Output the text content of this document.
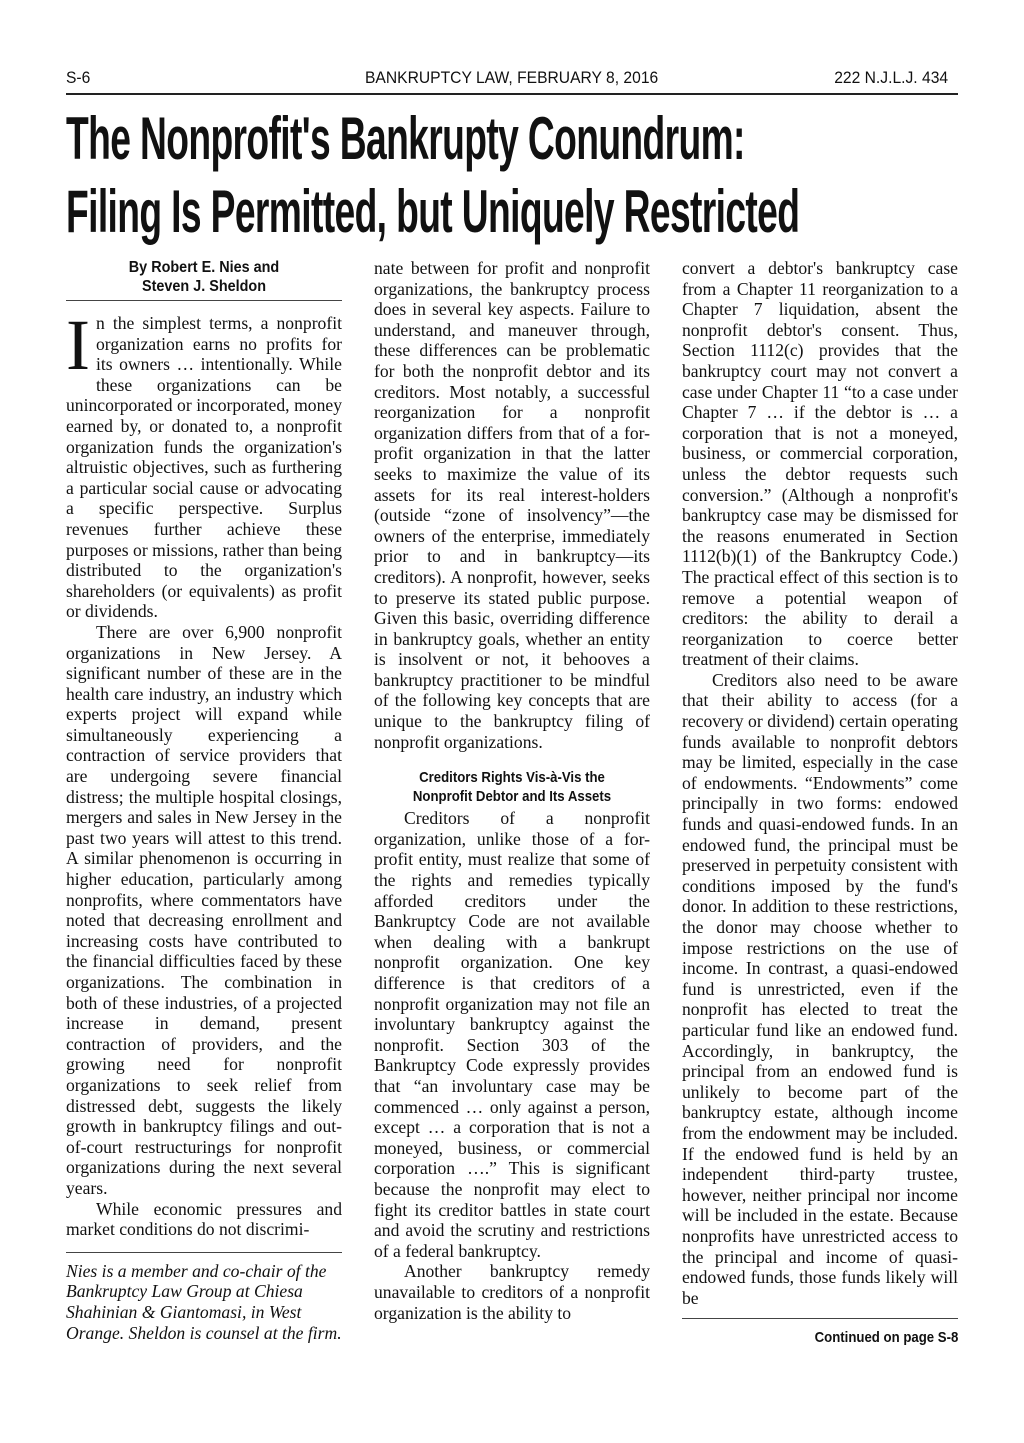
S-6	BANKRUPTCY LAW, FEBRUARY 8, 2016	222 N.J.L.J. 434
The Nonprofit's Bankrupty Conundrum:
Filing Is Permitted, but Uniquely Restricted
By Robert E. Nies and
Steven J. Sheldon

In the simplest terms, a nonprofit organization earns no profits for its owners … intentionally. While these organizations can be unincorporated or incorporated, money earned by, or donated to, a nonprofit organization funds the organization's altruistic objectives, such as furthering a particular social cause or advocating a specific perspective. Surplus revenues further achieve these purposes or missions, rather than being distributed to the organization's shareholders (or equivalents) as profit or dividends.

There are over 6,900 nonprofit organizations in New Jersey. A significant number of these are in the health care industry, an industry which experts project will expand while simultaneously experiencing a contraction of service providers that are undergoing severe financial distress; the multiple hospital closings, mergers and sales in New Jersey in the past two years will attest to this trend. A similar phenomenon is occurring in higher education, particularly among nonprofits, where commentators have noted that decreasing enrollment and increasing costs have contributed to the financial difficulties faced by these organizations. The combination in both of these industries, of a projected increase in demand, present contraction of providers, and the growing need for nonprofit organizations to seek relief from distressed debt, suggests the likely growth in bankruptcy filings and out-of-court restructurings for nonprofit organizations during the next several years.

While economic pressures and market conditions do not discrimi-

Nies is a member and co-chair of the Bankruptcy Law Group at Chiesa Shahinian & Giantomasi, in West Orange. Sheldon is counsel at the firm.

nate between for profit and nonprofit organizations, the bankruptcy process does in several key aspects. Failure to understand, and maneuver through, these differences can be problematic for both the nonprofit debtor and its creditors. Most notably, a successful reorganization for a nonprofit organization differs from that of a for-profit organization in that the latter seeks to maximize the value of its assets for its real interest-holders (outside “zone of insolvency”—the owners of the enterprise, immediately prior to and in bankruptcy—its creditors). A nonprofit, however, seeks to preserve its stated public purpose. Given this basic, overriding difference in bankruptcy goals, whether an entity is insolvent or not, it behooves a bankruptcy practitioner to be mindful of the following key concepts that are unique to the bankruptcy filing of nonprofit organizations.

Creditors Rights Vis-à-Vis the
Nonprofit Debtor and Its Assets

Creditors of a nonprofit organization, unlike those of a for-profit entity, must realize that some of the rights and remedies typically afforded creditors under the Bankruptcy Code are not available when dealing with a bankrupt nonprofit organization. One key difference is that creditors of a nonprofit organization may not file an involuntary bankruptcy against the nonprofit. Section 303 of the Bankruptcy Code expressly provides that “an involuntary case may be commenced … only against a person, except … a corporation that is not a moneyed, business, or commercial corporation ….” This is significant because the nonprofit may elect to fight its creditor battles in state court and avoid the scrutiny and restrictions of a federal bankruptcy.

Another bankruptcy remedy unavailable to creditors of a nonprofit organization is the ability to

convert a debtor's bankruptcy case from a Chapter 11 reorganization to a Chapter 7 liquidation, absent the nonprofit debtor's consent. Thus, Section 1112(c) provides that the bankruptcy court may not convert a case under Chapter 11 “to a case under Chapter 7 … if the debtor is … a corporation that is not a moneyed, business, or commercial corporation, unless the debtor requests such conversion.” (Although a nonprofit's bankruptcy case may be dismissed for the reasons enumerated in Section 1112(b)(1) of the Bankruptcy Code.) The practical effect of this section is to remove a potential weapon of creditors: the ability to derail a reorganization to coerce better treatment of their claims.

Creditors also need to be aware that their ability to access (for a recovery or dividend) certain operating funds available to nonprofit debtors may be limited, especially in the case of endowments. “Endowments” come principally in two forms: endowed funds and quasi-endowed funds. In an endowed fund, the principal must be preserved in perpetuity consistent with conditions imposed by the fund's donor. In addition to these restrictions, the donor may choose whether to impose restrictions on the use of income. In contrast, a quasi-endowed fund is unrestricted, even if the nonprofit has elected to treat the particular fund like an endowed fund. Accordingly, in bankruptcy, the principal from an endowed fund is unlikely to become part of the bankruptcy estate, although income from the endowment may be included. If the endowed fund is held by an independent third-party trustee, however, neither principal nor income will be included in the estate. Because nonprofits have unrestricted access to the principal and income of quasi-endowed funds, those funds likely will be

Continued on page S-8
